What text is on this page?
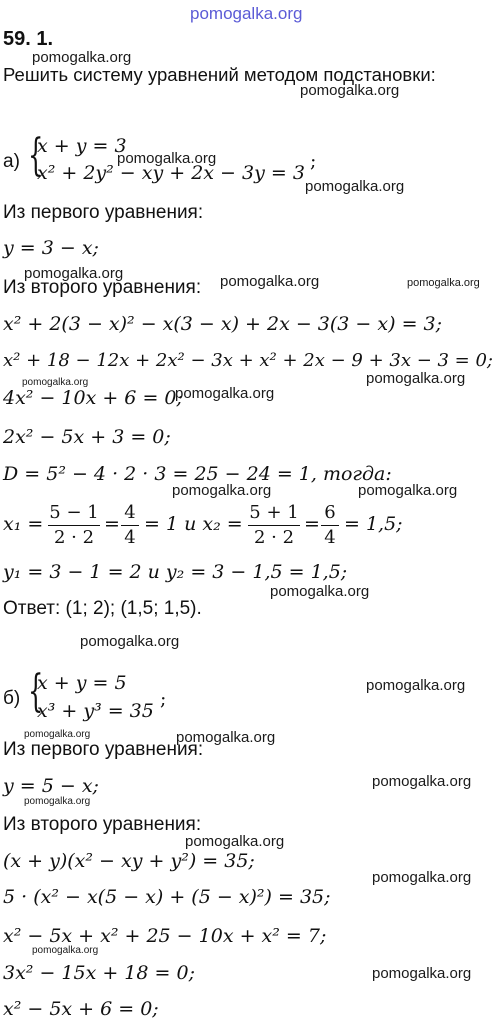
pomogalka.org
pomogalka.org
pomogalka.org
pomogalka.org
pomogalka.org
pomogalka.org	pomogalka.org	pomogalka.org
pomogalka.org	pomogalka.org
pomogalka.org
pomogalka.org	pomogalka.org
pomogalka.org
pomogalka.org
pomogalka.org
pomogalka.org	pomogalka.org
pomogalka.org
pomogalka.org
pomogalka.org
pomogalka.org
pomogalka.org
pomogalka.org
59. 1.
Решить систему уравнений методом подстановки:
а) {
x + y = 3
x² + 2y² − xy + 2x − 3y = 3
;
Из первого уравнения:
y = 3 − x;
Из второго уравнения:
x² + 2(3 − x)² − x(3 − x) + 2x − 3(3 − x) = 3;
x² + 18 − 12x + 2x² − 3x + x² + 2x − 9 + 3x − 3 = 0;
4x² − 10x + 6 = 0;
2x² − 5x + 3 = 0;
D = 5² − 4 · 2 · 3 = 25 − 24 = 1, тогда:
x₁ =
5 − 1
2 · 2
=
4
4
= 1 и x₂ =
5 + 1
2 · 2
=
6
4
= 1,5;
y₁ = 3 − 1 = 2 и y₂ = 3 − 1,5 = 1,5;
Ответ: (1; 2); (1,5; 1,5).
б) {
x + y = 5
x³ + y³ = 35
;
Из первого уравнения:
y = 5 − x;
Из второго уравнения:
(x + y)(x² − xy + y²) = 35;
5 · (x² − x(5 − x) + (5 − x)²) = 35;
x² − 5x + x² + 25 − 10x + x² = 7;
3x² − 15x + 18 = 0;
x² − 5x + 6 = 0;
